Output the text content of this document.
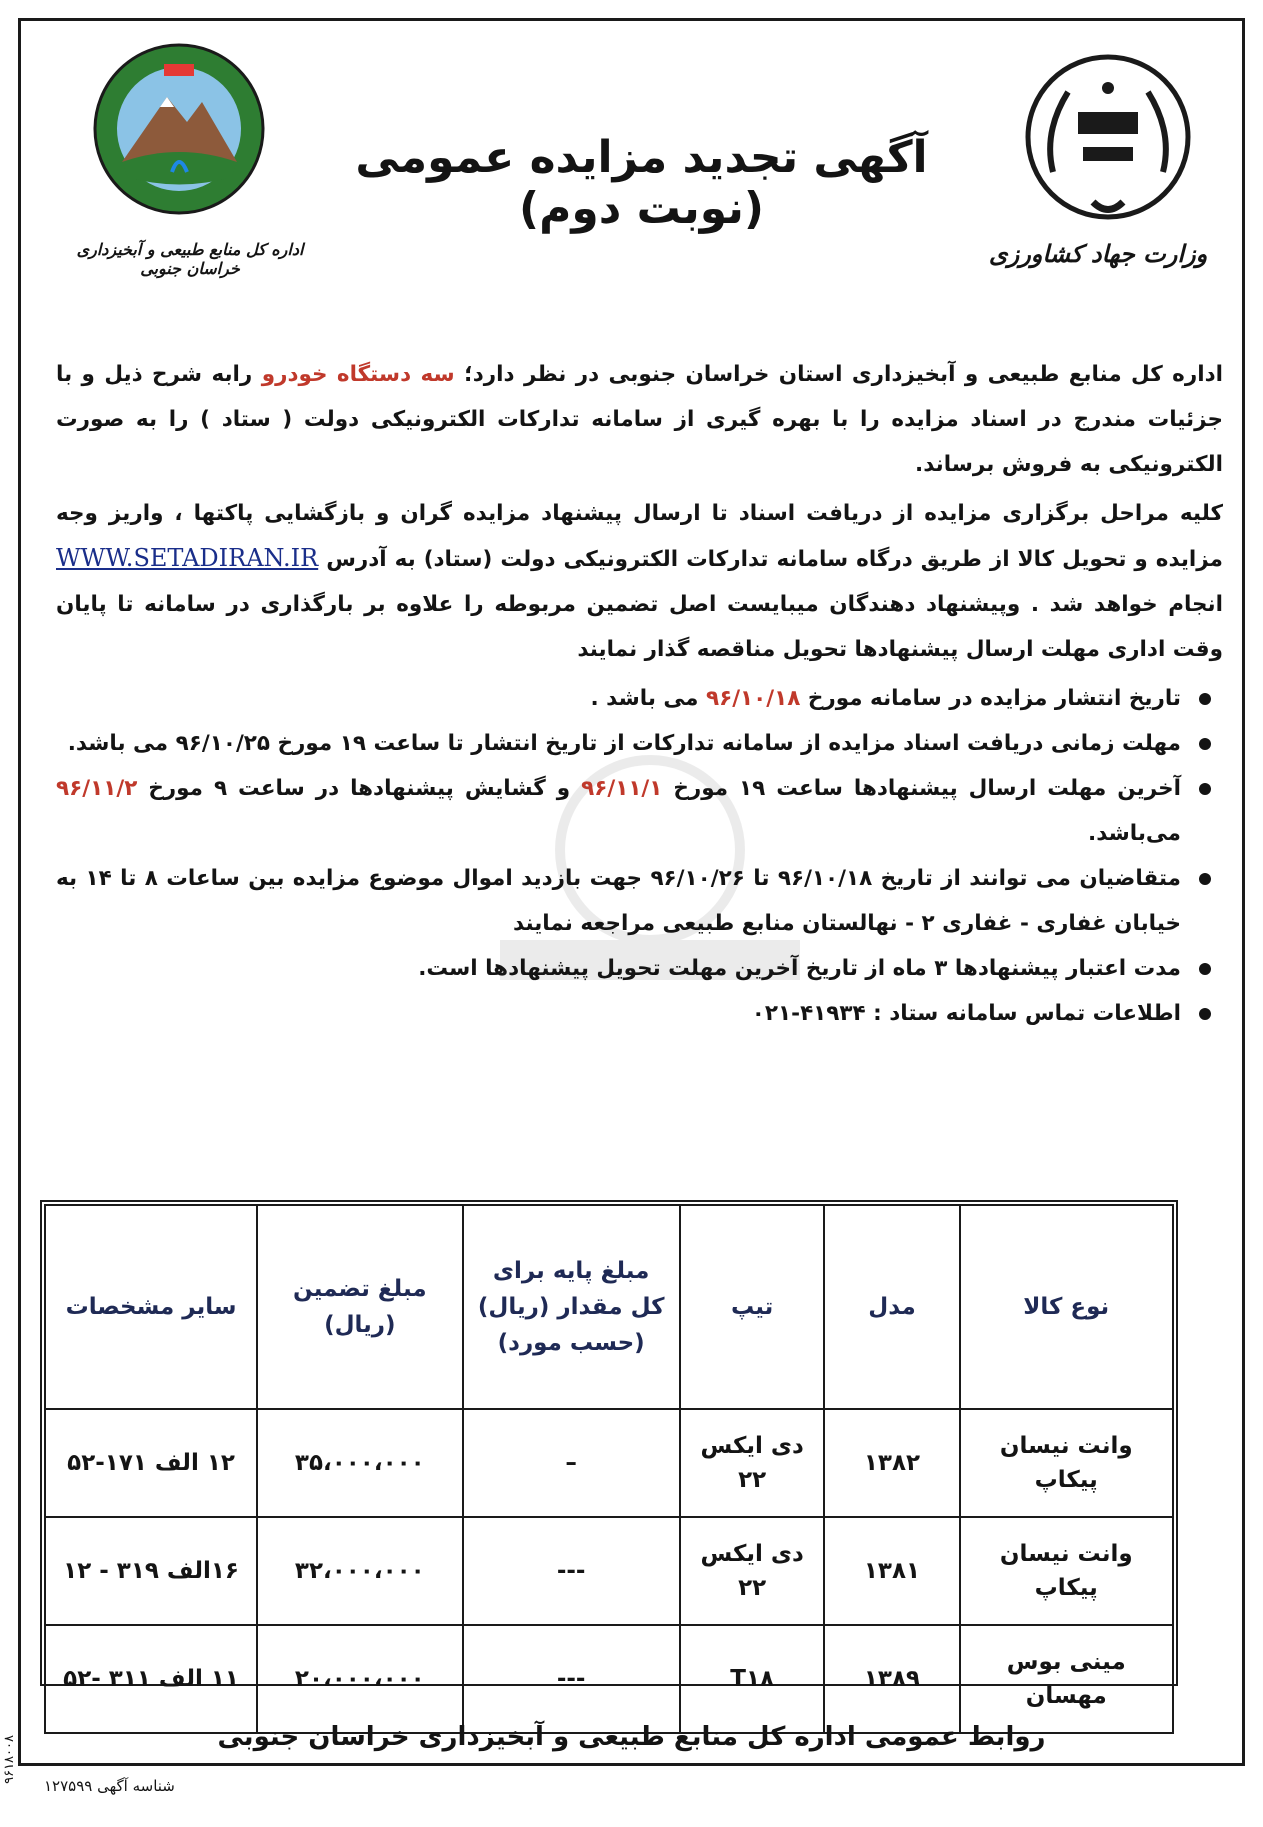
وزارت جهاد کشاورزی
اداره کل منابع طبیعی و آبخیزداری خراسان جنوبی
آگهی تجدید مزایده عمومی (نوبت دوم)

اداره کل منابع طبیعی و آبخیزداری استان خراسان جنوبی در نظر دارد؛ سه دستگاه خودرو رابه شرح ذیل و با جزئیات مندرج در اسناد مزایده را با بهره گیری از سامانه تدارکات الکترونیکی دولت ( ستاد ) را به صورت الکترونیکی به فروش برساند.

کلیه مراحل برگزاری مزایده از دریافت اسناد تا ارسال پیشنهاد مزایده گران و بازگشایی پاکتها ، واریز وجه مزایده و تحویل کالا از طریق درگاه سامانه تدارکات الکترونیکی دولت (ستاد) به آدرس WWW.SETADIRAN.IR انجام خواهد شد . وپیشنهاد دهندگان میبایست اصل تضمین مربوطه را علاوه بر بارگذاری در سامانه تا پایان وقت اداری مهلت ارسال پیشنهادها تحویل مناقصه گذار نمایند

تاریخ انتشار مزایده در سامانه مورخ ۹۶/۱۰/۱۸ می باشد .
مهلت زمانی دریافت اسناد مزایده از سامانه تدارکات از تاریخ انتشار تا ساعت ۱۹ مورخ ۹۶/۱۰/۲۵ می باشد.
آخرین مهلت ارسال پیشنهادها ساعت ۱۹ مورخ ۹۶/۱۱/۱ و گشایش پیشنهادها در ساعت ۹ مورخ ۹۶/۱۱/۲ می‌باشد.
متقاضیان می توانند از تاریخ ۹۶/۱۰/۱۸ تا ۹۶/۱۰/۲۶ جهت بازدید اموال موضوع مزایده بین ساعات ۸ تا ۱۴ به خیابان غفاری - غفاری ۲ - نهالستان منابع طبیعی مراجعه نمایند
مدت اعتبار پیشنهادها ۳ ماه از تاریخ آخرین مهلت تحویل پیشنهادها است.
اطلاعات تماس سامانه ستاد : ۴۱۹۳۴-۰۲۱
نوع کالا	مدل	تیپ	مبلغ پایه برای کل مقدار (ریال) (حسب مورد)	مبلغ تضمین (ریال)	سایر مشخصات
وانت نیسان پیکاپ	۱۳۸۲	دی ایکس ۲۲	–	۳۵،۰۰۰،۰۰۰	۱۲ الف ۱۷۱-۵۲
وانت نیسان پیکاپ	۱۳۸۱	دی ایکس ۲۲	---	۳۲،۰۰۰،۰۰۰	۱۶الف ۳۱۹ - ۱۲
مینی بوس مهسان	۱۳۸۹	T۱۸	---	۲۰،۰۰۰،۰۰۰	۱۱ الف ۳۱۱ -۵۲
روابط عمومی اداره کل منابع طبیعی و آبخیزداری خراسان جنوبی
شناسه آگهی ۱۲۷۵۹۹
۹۶۱۸۰۰۸
